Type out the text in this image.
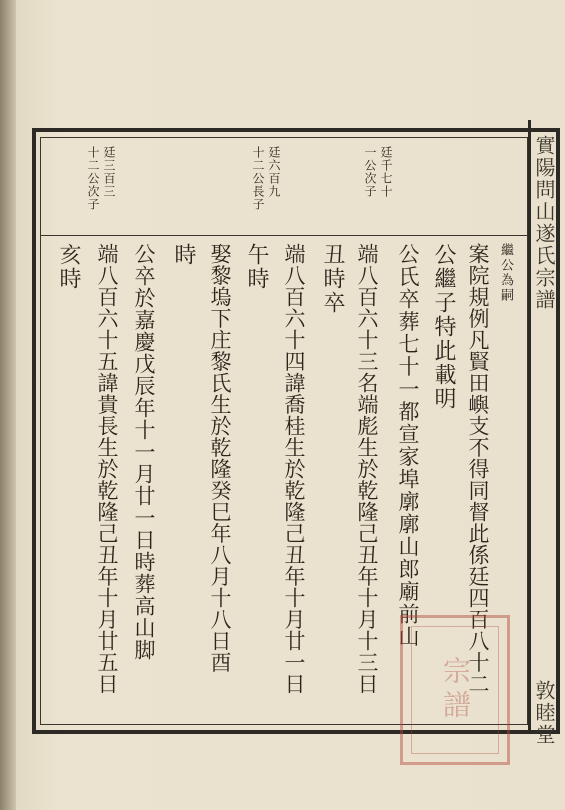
實陽問山遂氏宗譜
敦睦堂
廷千七十
一公次子
廷六百九
十二公長子
廷三百三
十二公次子
繼公為嗣
案院規例凡賢田嶼支不得同督此係廷四百八十二
公繼子特此載明
公氏卒葬七十一都宣家埠廓廓山郎廟前山
端八百六十三名端彪生於乾隆己丑年十月十三日
丑時卒
端八百六十四諱喬桂生於乾隆己丑年十月廿一日
午時
娶黎塢下庄黎氏生於乾隆癸巳年八月十八日酉
時
公卒於嘉慶戊辰年十一月廿一日時葬高山脚
端八百六十五諱貴長生於乾隆己丑年十月廿五日
亥時
宗譜
